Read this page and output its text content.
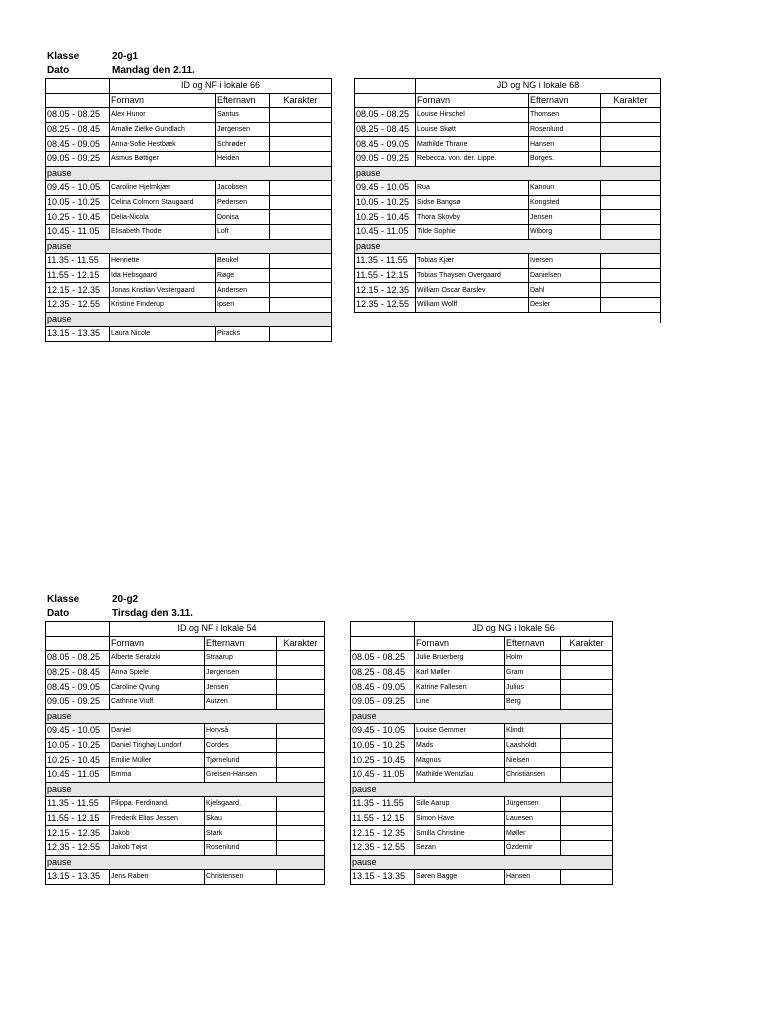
Klasse	20-g1
Dato	Mandag den 2.11.
Klasse	20-g2
Dato	Tirsdag den 3.11.
	ID og NF i lokale 66		
	Fornavn	Efternavn	Karakter
08.05 - 08.25	Alex Hunor	Santus	
08.25 - 08.45	Amalie Zielke Gundlach	Jørgensen	
08.45 - 09.05	Anna-Sofie Hestbæk	Schrøder	
09.05 - 09.25	Asmus Bøttiger	Heiden	
pause			
09.45 - 10.05	Caroline Hjelmkjær	Jacobsen	
10.05 - 10.25	Celina Colmorn Staugaard	Pedersen	
10.25 - 10.45	Delia-Nicola	Donisa	
10.45 - 11.05	Elisabeth Thode	Loft	
pause			
11.35 - 11.55	Henriette	Beukel	
11.55 - 12.15	Ida Hebsgaard	Røge	
12.15 - 12.35	Jonas Kristian Vestergaard	Andersen	
12.35 - 12.55	Kristine Finderup	Ipsen	
pause			
13.15 - 13.35	Laura Nicole	Piracks	
	JD og NG i lokale 68		
	Fornavn	Efternavn	Karakter
08.05 - 08.25	Louise Hirschel	Thomsen	
08.25 - 08.45	Louise Skøtt	Rosenlund	
08.45 - 09.05	Mathilde Thrane	Hansen	
09.05 - 09.25	Rebecca. von. der. Lippe.	Borges.	
pause			
09.45 - 10.05	Rua	Kanoun	
10.05 - 10.25	Sidse Bangsø	Kongsted	
10.25 - 10.45	Thora Skovby	Jensen	
10.45 - 11.05	Tilde Sophie	Wiborg	
pause			
11.35 - 11.55	Tobias Kjær	Iversen	
11.55 - 12.15	Tobias Thaysen Overgaard	Danielsen	
12.15 - 12.35	William Oscar Barslev	Dahl	
12.35 - 12.55	William Wolff	Desler	
	ID og NF i lokale 54		
	Fornavn	Efternavn	Karakter
08.05 - 08.25	Alberte Seratzki	Straarup	
08.25 - 08.45	Anna Spiele	Jørgensen	
08.45 - 09.05	Caroline Qvung	Jensen	
09.05 - 09.25	Cathrine Viuff	Autzen	
pause			
09.45 - 10.05	Daniel	Horvså	
10.05 - 10.25	Daniel Tinghøj Lundorf	Cordes	
10.25 - 10.45	Emilie Müller	Tjørnelund	
10.45 - 11.05	Emma	Greisen-Hansen	
pause			
11.35 - 11.55	Filippa. Ferdinand.	Kjelsgaard.	
11.55 - 12.15	Frederik Elias Jessen	Skau	
12.15 - 12.35	Jakob	Stark	
12.35 - 12.55	Jakob Tøjst	Rosenlund	
pause			
13.15 - 13.35	Jens Raben	Christensen	
	JD og NG i lokale 56		
	Fornavn	Efternavn	Karakter
08.05 - 08.25	Julie Bruerberg	Holm	
08.25 - 08.45	Karl Møller	Gram	
08.45 - 09.05	Katrine Fallesen	Julius	
09.05 - 09.25	Line	Berg	
pause			
09.45 - 10.05	Louise Gemmer	Klindt	
10.05 - 10.25	Mads	Laasholdt	
10.25 - 10.45	Magnus	Nielsen	
10.45 - 11.05	Mathilde Wentzlau	Christiansen	
pause			
11.35 - 11.55	Sille Aarup	Jürgensen	
11.55 - 12.15	Simon Have	Lauesen	
12.15 - 12.35	Smilla Christine	Møller	
12.35 - 12.55	Sezan	Özdemir	
pause			
13.15 - 13.35	Søren Bagge	Hansen	
